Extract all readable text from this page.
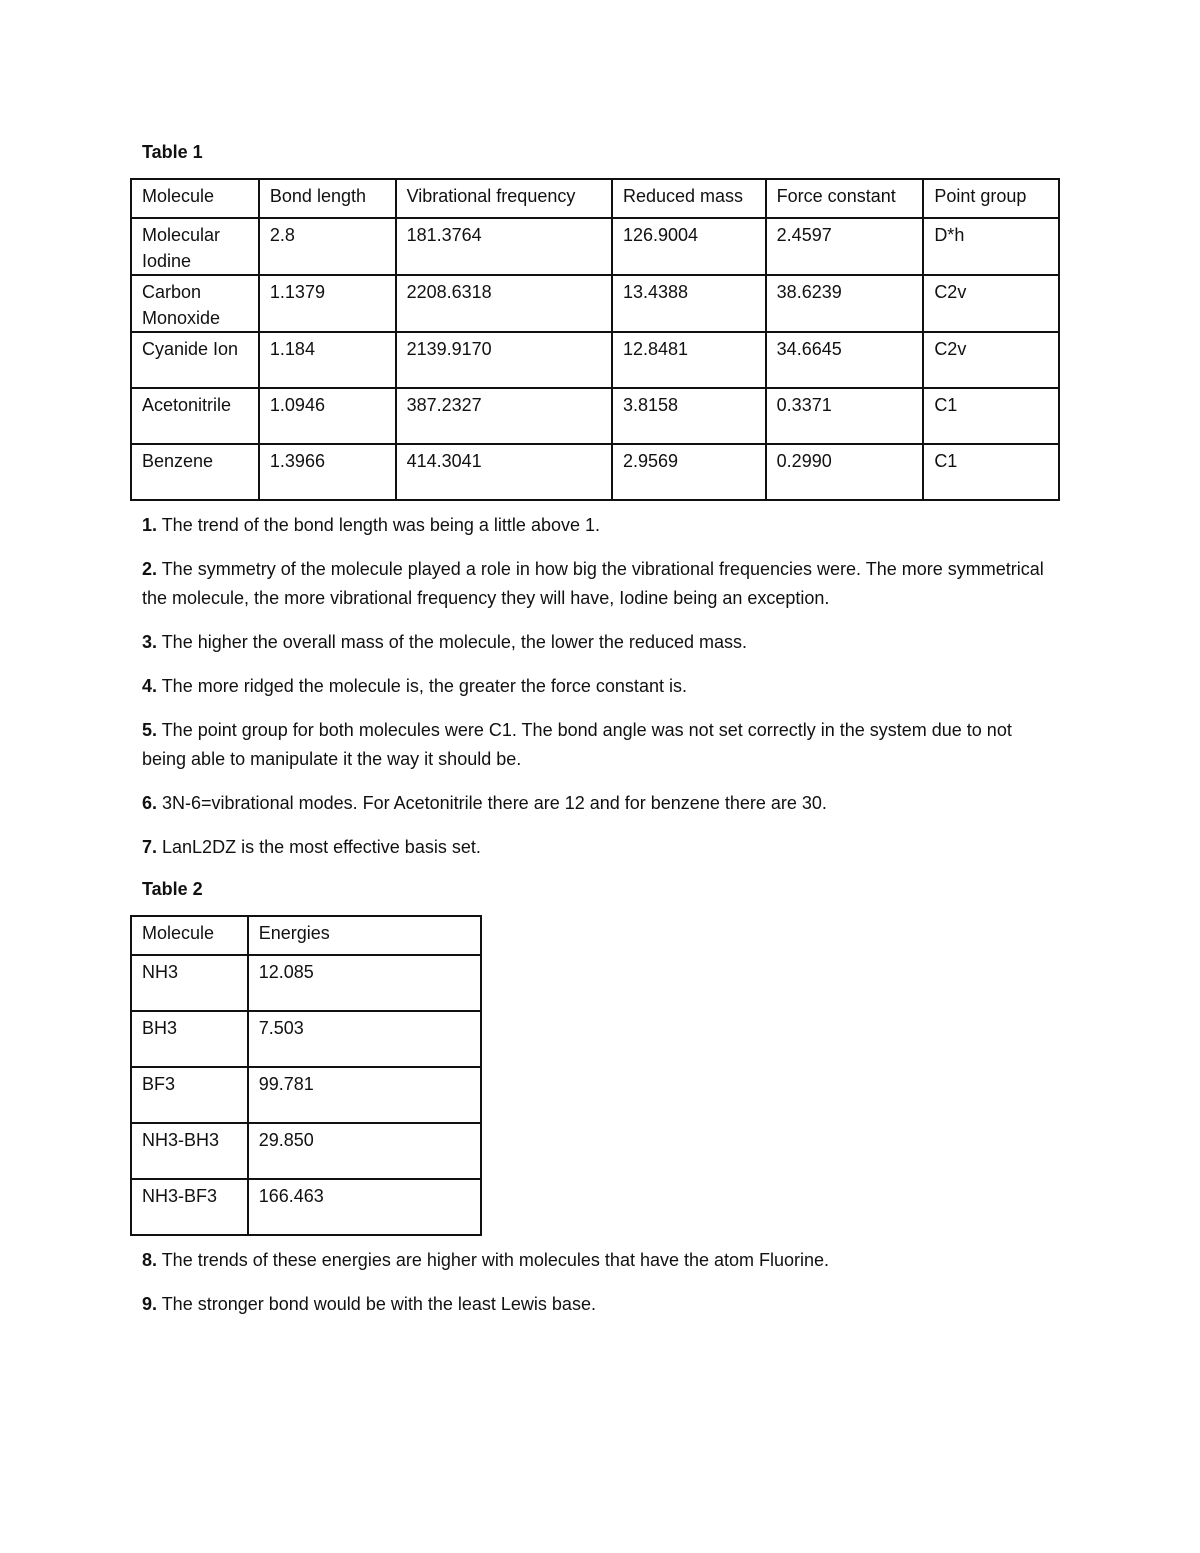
Table 1
Molecule	Bond length	Vibrational frequency	Reduced mass	Force constant	Point group
Molecular Iodine	2.8	181.3764	126.9004	2.4597	D*h
Carbon Monoxide	1.1379	2208.6318	13.4388	38.6239	C2v
Cyanide Ion	1.184	2139.9170	12.8481	34.6645	C2v
Acetonitrile	1.0946	387.2327	3.8158	0.3371	C1
Benzene	1.3966	414.3041	2.9569	0.2990	C1

1. The trend of the bond length was being a little above 1.

2. The symmetry of the molecule played a role in how big the vibrational frequencies were. The more symmetrical the molecule, the more vibrational frequency they will have, Iodine being an exception.

3. The higher the overall mass of the molecule, the lower the reduced mass.

4. The more ridged the molecule is, the greater the force constant is.

5. The point group for both molecules were C1. The bond angle was not set correctly in the system due to not being able to manipulate it the way it should be.

6. 3N-6=vibrational modes. For Acetonitrile there are 12 and for benzene there are 30.

7. LanL2DZ is the most effective basis set.

Table 2
Molecule	Energies
NH3	12.085
BH3	7.503
BF3	99.781
NH3-BH3	29.850
NH3-BF3	166.463

8. The trends of these energies are higher with molecules that have the atom Fluorine.

9. The stronger bond would be with the least Lewis base.
